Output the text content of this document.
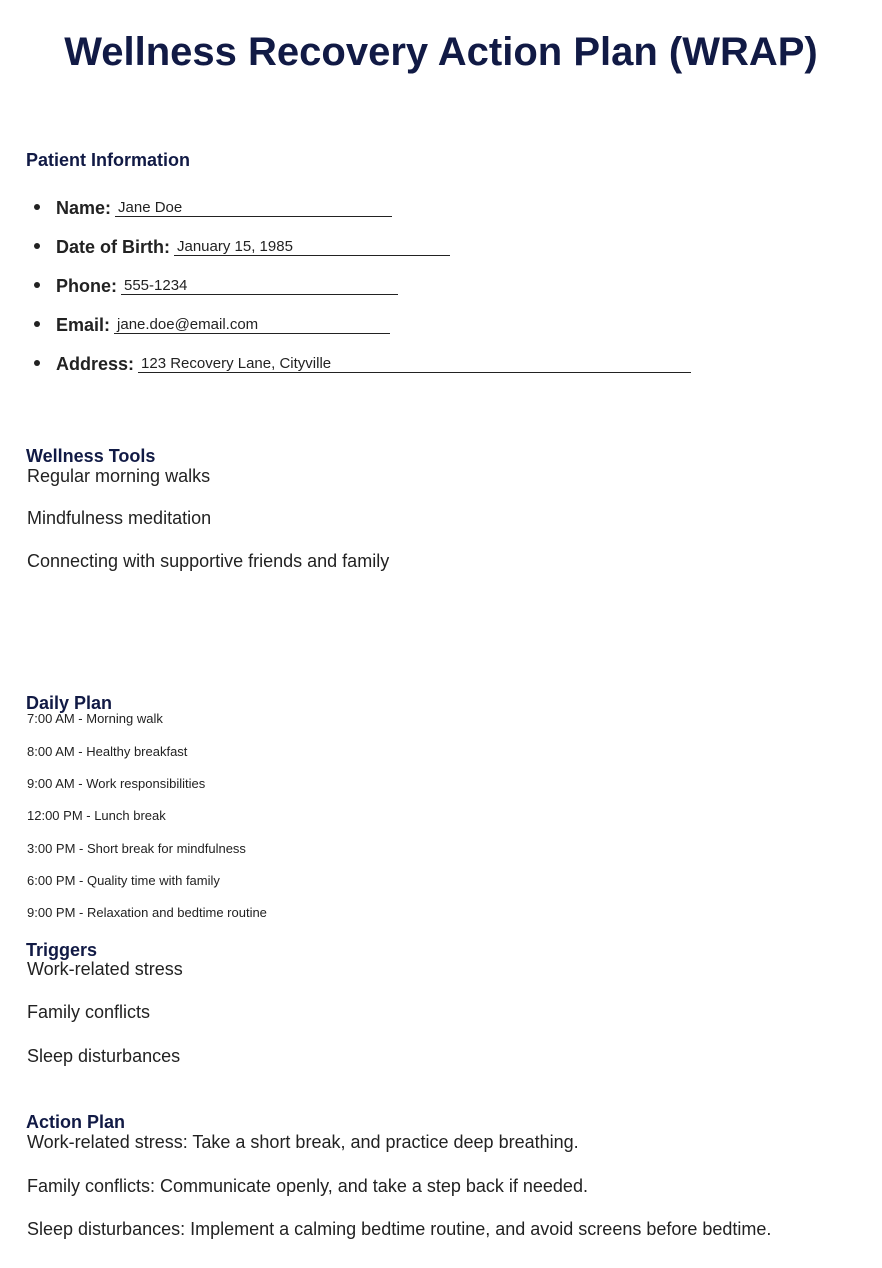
Wellness Recovery Action Plan (WRAP)
Patient Information
Name: Jane Doe
Date of Birth: January 15, 1985
Phone: 555-1234
Email: jane.doe@email.com
Address: 123 Recovery Lane, Cityville
Wellness Tools
Regular morning walks
Mindfulness meditation
Connecting with supportive friends and family
Daily Plan
7:00 AM - Morning walk
8:00 AM - Healthy breakfast
9:00 AM - Work responsibilities
12:00 PM - Lunch break
3:00 PM - Short break for mindfulness
6:00 PM - Quality time with family
9:00 PM - Relaxation and bedtime routine
Triggers
Work-related stress
Family conflicts
Sleep disturbances
Action Plan
Work-related stress: Take a short break, and practice deep breathing.
Family conflicts: Communicate openly, and take a step back if needed.
Sleep disturbances: Implement a calming bedtime routine, and avoid screens before bedtime.
